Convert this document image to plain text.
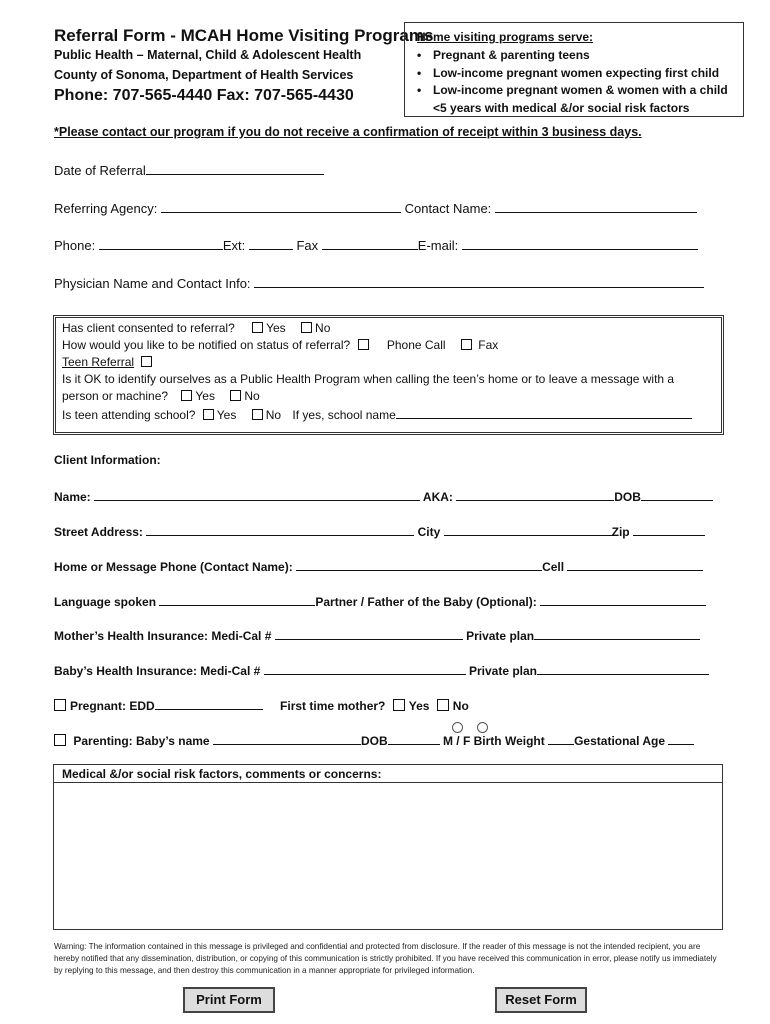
Referral Form - MCAH Home Visiting Programs
Public Health – Maternal, Child & Adolescent Health
County of Sonoma, Department of Health Services
Phone: 707-565-4440 Fax: 707-565-4430
Home visiting programs serve:
• Pregnant & parenting teens
• Low-income pregnant women expecting first child
• Low-income pregnant women & women with a child
<5 years with medical &/or social risk factors
*Please contact our program if you do not receive a confirmation of receipt within 3 business days.
Date of Referral
Referring Agency:	Contact Name:
Phone:	Ext:	Fax	E-mail:
Physician Name and Contact Info:
Has client consented to referral?	Yes No
How would you like to be notified on status of referral?	Phone Call	Fax
Teen Referral
Is it OK to identify ourselves as a Public Health Program when calling the teen’s home or to leave a message with a
person or machine? Yes No
Is teen attending school? Yes No If yes, school name
Client Information:
Name:	AKA:	DOB
Street Address:	City	Zip
Home or Message Phone (Contact Name):	Cell
Language spoken	Partner / Father of the Baby (Optional):
Mother’s Health Insurance: Medi-Cal #	Private plan
Baby’s Health Insurance: Medi-Cal #	Private plan
Pregnant: EDD	First time mother? Yes No

Parenting: Baby’s name	DOB	M / F Birth Weight Gestational Age
Medical &/or social risk factors, comments or concerns:
Warning: The information contained in this message is privileged and confidential and protected from disclosure. If the reader of this message is not the intended recipient, you are hereby notified that any dissemination, distribution, or copying of this communication is strictly prohibited. If you have received this communication in error, please notify us immediately by replying to this message, and then destroy this communication in a manner appropriate for privileged information.
Print Form	Reset Form
